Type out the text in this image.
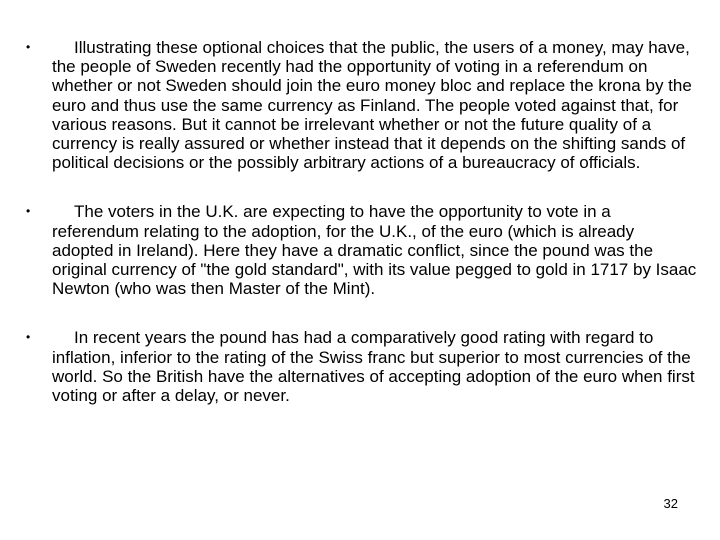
•	Illustrating these optional choices that the public, the users of a money, may have, the people of Sweden recently had the opportunity of voting in a referendum on whether or not Sweden should join the euro money bloc and replace the krona by the euro and thus use the same currency as Finland. The people voted against that, for various reasons. But it cannot be irrelevant whether or not the future quality of a currency is really assured or whether instead that it depends on the shifting sands of political decisions or the possibly arbitrary actions of a bureaucracy of officials.
•	The voters in the U.K. are expecting to have the opportunity to vote in a referendum relating to the adoption, for the U.K., of the euro (which is already adopted in Ireland). Here they have a dramatic conflict, since the pound was the original currency of "the gold standard", with its value pegged to gold in 1717 by Isaac Newton (who was then Master of the Mint).
•	In recent years the pound has had a comparatively good rating with regard to inflation, inferior to the rating of the Swiss franc but superior to most currencies of the world. So the British have the alternatives of accepting adoption of the euro when first voting or after a delay, or never.
32
